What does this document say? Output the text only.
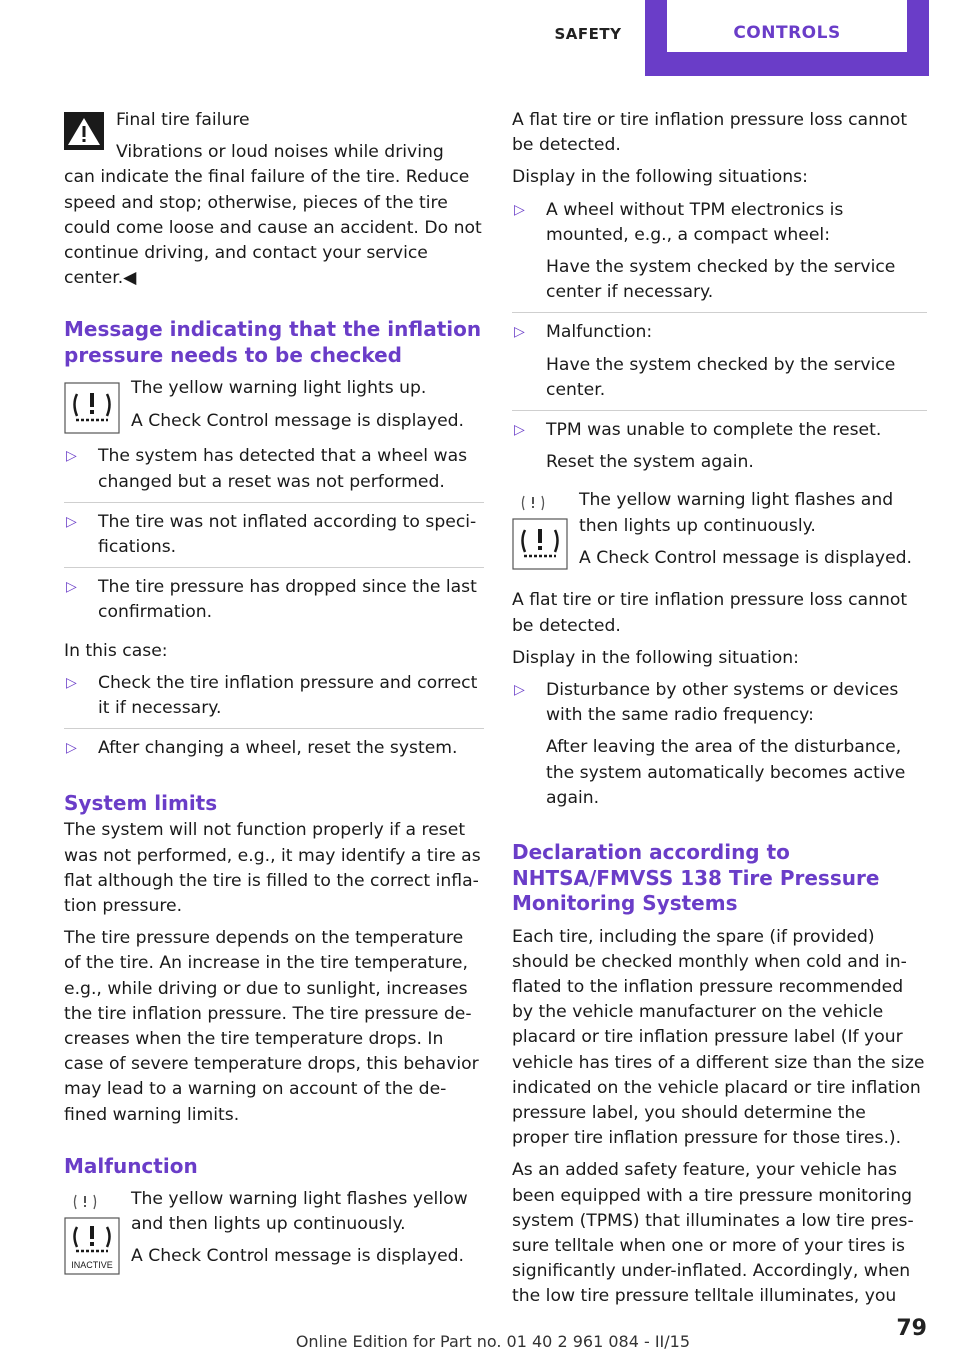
SAFETY	CONTROLS

Final tire failure

Vibrations or loud noises while driving

can indicate the final failure of the tire. Reduce speed and stop; otherwise, pieces of the tire could come loose and cause an accident. Do not continue driving, and contact your service center.◀

Message indicating that the inflation pressure needs to be checked

The yellow warning light lights up.

A Check Control message is displayed.

▷ The system has detected that a wheel was changed but a reset was not performed.
▷ The tire was not inflated according to speci‐fications.
▷ The tire pressure has dropped since the last confirmation.

In this case:

▷ Check the tire inflation pressure and correct it if necessary.
▷ After changing a wheel, reset the system.
System limits

The system will not function properly if a reset was not performed, e.g., it may identify a tire as flat although the tire is filled to the correct infla‐tion pressure.

The tire pressure depends on the temperature of the tire. An increase in the tire temperature, e.g., while driving or due to sunlight, increases the tire inflation pressure. The tire pressure de‐creases when the tire temperature drops. In case of severe temperature drops, this behavior may lead to a warning on account of the de‐fined warning limits.

Malfunction
INACTIVE

The yellow warning light flashes yellow and then lights up continuously.

A Check Control message is displayed.

A flat tire or tire inflation pressure loss cannot be detected.

Display in the following situations:

▷ A wheel without TPM electronics is mounted, e.g., a compact wheel:
Have the system checked by the service center if necessary.
▷ Malfunction:
Have the system checked by the service center.
▷ TPM was unable to complete the reset.
Reset the system again.

The yellow warning light flashes and then lights up continuously.

A Check Control message is displayed.

A flat tire or tire inflation pressure loss cannot be detected.

Display in the following situation:

▷ Disturbance by other systems or devices with the same radio frequency:
After leaving the area of the disturbance, the system automatically becomes active again.
Declaration according to NHTSA/FMVSS 138 Tire Pressure Monitoring Systems

Each tire, including the spare (if provided) should be checked monthly when cold and in‐flated to the inflation pressure recommended by the vehicle manufacturer on the vehicle placard or tire inflation pressure label (If your vehicle has tires of a different size than the size indicated on the vehicle placard or tire inflation pressure label, you should determine the proper tire inflation pressure for those tires.).

As an added safety feature, your vehicle has been equipped with a tire pressure monitoring system (TPMS) that illuminates a low tire pres‐sure telltale when one or more of your tires is significantly under-inflated. Accordingly, when the low tire pressure telltale illuminates, you

Online Edition for Part no. 01 40 2 961 084 - II/15
79
